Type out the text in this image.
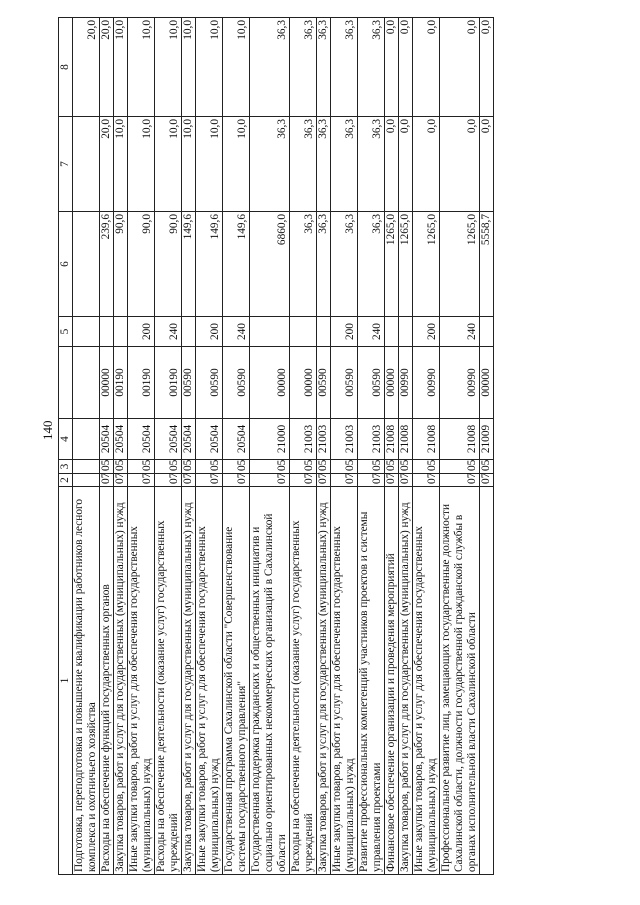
140
1	2	3	4		5	6	7	8
Подготовка, переподготовка и повышение квалификации работников лесного комплекса и охотничьего хозяйства								20,0
Расходы на обеспечение функций государственных органов	07	05	20504	00000		239,6	20,0	20,0
Закупка товаров, работ и услуг для государственных (муниципальных) нужд	07	05	20504	00190		90,0	10,0	10,0
Иные закупки товаров, работ и услуг для обеспечения государственных (муниципальных) нужд	07	05	20504	00190	200	90,0	10,0	10,0
Расходы на обеспечение деятельности (оказание услуг) государственных учреждений	07	05	20504	00190	240	90,0	10,0	10,0
Закупка товаров, работ и услуг для государственных (муниципальных) нужд	07	05	20504	00590		149,6	10,0	10,0
Иные закупки товаров, работ и услуг для обеспечения государственных (муниципальных) нужд	07	05	20504	00590	200	149,6	10,0	10,0
Государственная программа Сахалинской области "Совершенствование системы государственного управления"	07	05	20504	00590	240	149,6	10,0	10,0
Государственная поддержка гражданских и общественных инициатив и социально ориентированных некоммерческих организаций в Сахалинской области	07	05	21000	00000		6860,0	36,3	36,3
Расходы на обеспечение деятельности (оказание услуг) государственных учреждений	07	05	21003	00000		36,3	36,3	36,3
Закупка товаров, работ и услуг для государственных (муниципальных) нужд	07	05	21003	00590		36,3	36,3	36,3
Иные закупки товаров, работ и услуг для обеспечения государственных (муниципальных) нужд	07	05	21003	00590	200	36,3	36,3	36,3
Развитие профессиональных компетенций участников проектов и системы управления проектами	07	05	21003	00590	240	36,3	36,3	36,3
Финансовое обеспечение организации и проведения мероприятий	07	05	21008	00000		1265,0	0,0	0,0
Закупка товаров, работ и услуг для государственных (муниципальных) нужд	07	05	21008	00990		1265,0	0,0	0,0
Иные закупки товаров, работ и услуг для обеспечения государственных (муниципальных) нужд	07	05	21008	00990	200	1265,0	0,0	0,0
Профессиональное развитие лиц, замещающих государственные должности Сахалинской области, должности государственной гражданской службы в органах исполнительной власти Сахалинской области	07	05	21008	00990	240	1265,0	0,0	0,0
	07	05	21009	00000		5558,7	0,0	0,0
